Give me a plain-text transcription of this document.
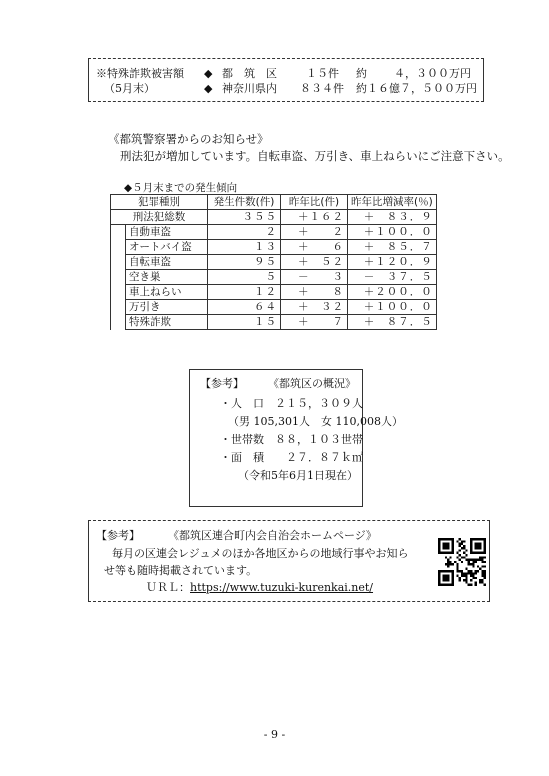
※特殊詐欺被害額
（5月末）
◆ 都　筑　区	１５件 約 ４，３００万円
◆ 神奈川県内 ８３４件 約１６億７，５００万円
《都筑警察署からのお知らせ》
刑法犯が増加しています。自転車盗、万引き、車上ねらいにご注意下さい。
◆５月末までの発生傾向
犯罪種別		発生件数(件)	昨年比(件)	昨年比増減率(％)
刑法犯総数		３５５	＋１６２	＋　８３．９
	自動車盗	２	＋　　２	＋１００．０
	オートバイ盗	１３	＋　　６	＋　８５．７
	自転車盗	９５	＋　５２	＋１２０．９
	空き巣	５	－　　３	－　３７．５
	車上ねらい	１２	＋　　８	＋２００．０
	万引き	６４	＋　３２	＋１００．０
	特殊詐欺	１５	＋　　７	＋　８７．５
【参考】 《都筑区の概況》
・人　口　２１５，３０９人
（男 105,301人　女 110,008人）
・世帯数　８８，１０３世帯
・面　積　　２７．８７ｋ㎡
（令和5年6月1日現在）
【参考】	《都筑区連合町内会自治会ホームページ》
毎月の区連会レジュメのほか各地区からの地域行事やお知ら
せ等も随時掲載されています。
ＵＲＬ：https://www.tuzuki-kurenkai.net/
- 9 -
